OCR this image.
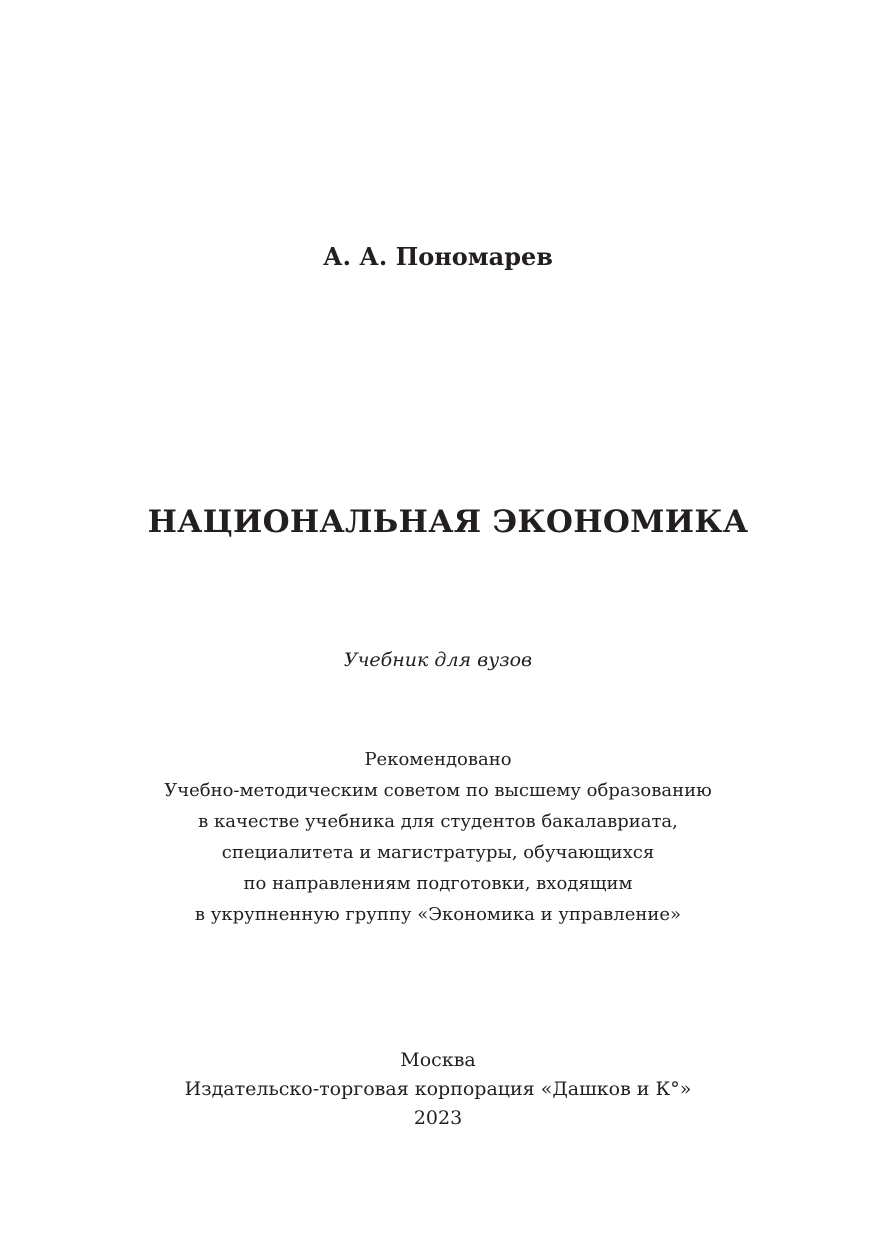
А. А. Пономарев
НАЦИОНАЛЬНАЯ ЭКОНОМИКА
Учебник для вузов
Рекомендовано
Учебно-методическим советом по высшему образованию
в качестве учебника для студентов бакалавриата,
специалитета и магистратуры, обучающихся
по направлениям подготовки, входящим
в укрупненную группу «Экономика и управление»
Москва
Издательско-торговая корпорация «Дашков и К°»
2023
